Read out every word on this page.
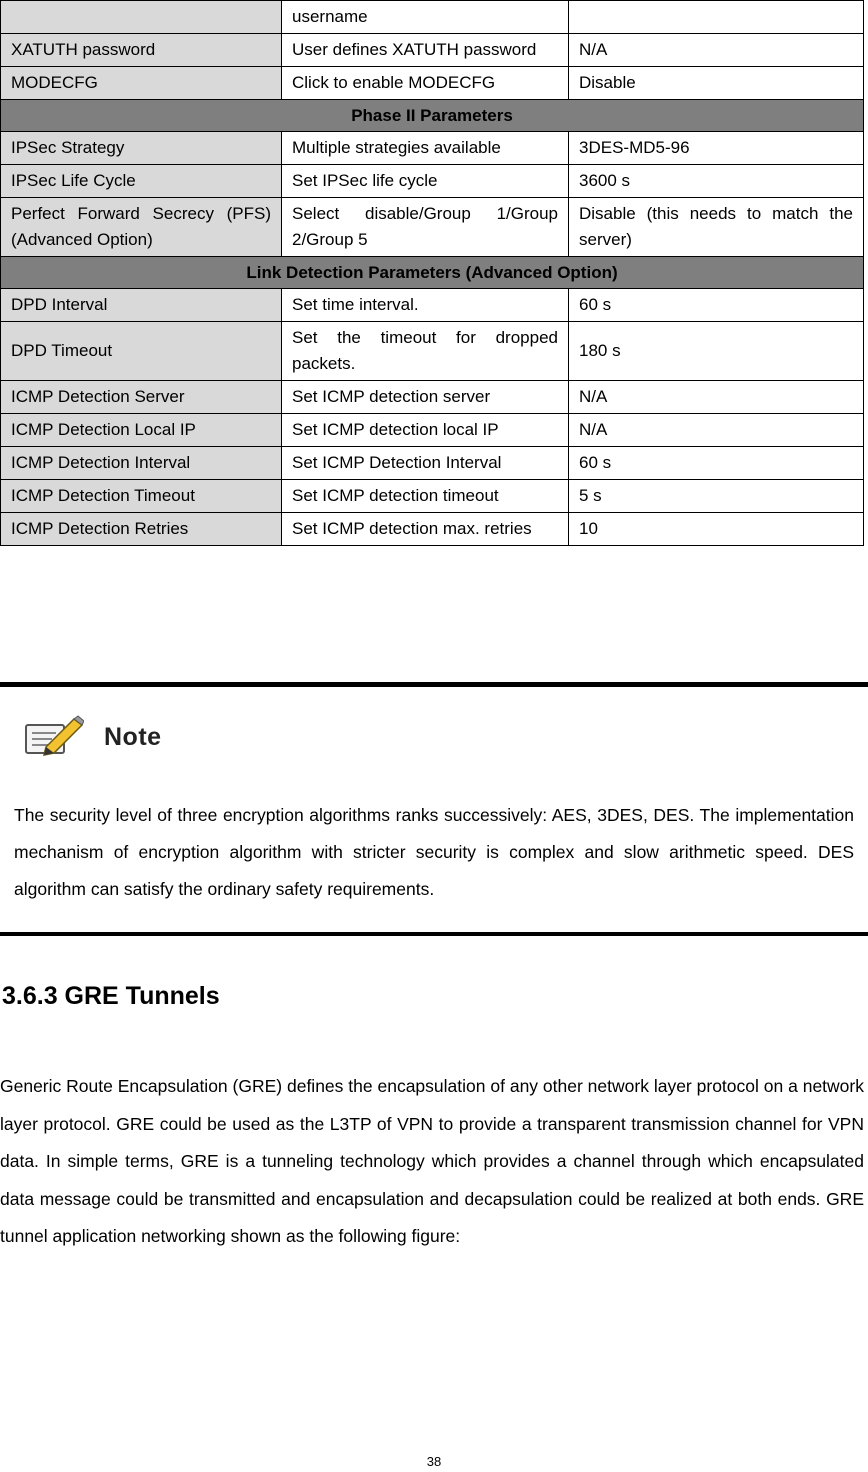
	username	
XATUTH password	User defines XATUTH password	N/A
MODECFG	Click to enable MODECFG	Disable
Phase II Parameters		
IPSec Strategy	Multiple strategies available	3DES-MD5-96
IPSec Life Cycle	Set IPSec life cycle	3600 s
Perfect Forward Secrecy (PFS) (Advanced Option)	Select disable/Group 1/Group 2/Group 5	Disable (this needs to match the server)
Link Detection Parameters (Advanced Option)		
DPD Interval	Set time interval.	60 s
DPD Timeout	Set the timeout for dropped packets.	180 s
ICMP Detection Server	Set ICMP detection server	N/A
ICMP Detection Local IP	Set ICMP detection local IP	N/A
ICMP Detection Interval	Set ICMP Detection Interval	60 s
ICMP Detection Timeout	Set ICMP detection timeout	5 s
ICMP Detection Retries	Set ICMP detection max. retries	10
Note
The security level of three encryption algorithms ranks successively: AES, 3DES, DES. The implementation mechanism of encryption algorithm with stricter security is complex and slow arithmetic speed. DES algorithm can satisfy the ordinary safety requirements.
3.6.3 GRE Tunnels
Generic Route Encapsulation (GRE) defines the encapsulation of any other network layer protocol on a network layer protocol. GRE could be used as the L3TP of VPN to provide a transparent transmission channel for VPN data. In simple terms, GRE is a tunneling technology which provides a channel through which encapsulated data message could be transmitted and encapsulation and decapsulation could be realized at both ends. GRE tunnel application networking shown as the following figure:
38
